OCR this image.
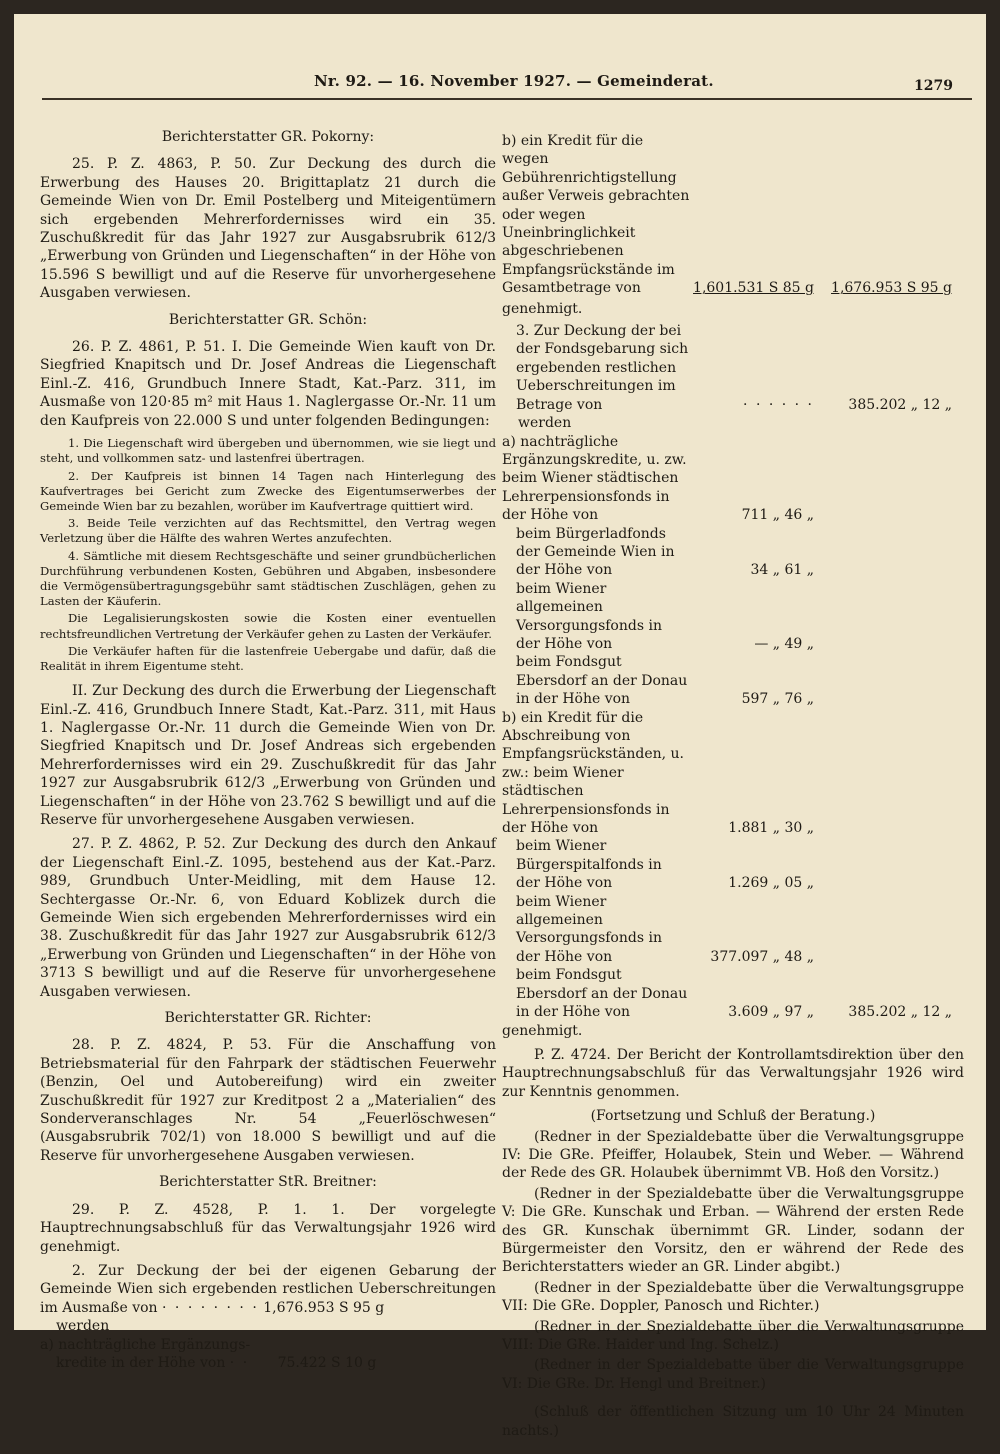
Nr. 92. — 16. November 1927. — Gemeinderat.	1279
Berichterstatter GR. Pokorny:

25. P. Z. 4863, P. 50. Zur Deckung des durch die Erwerbung des Hauses 20. Brigittaplatz 21 durch die Gemeinde Wien von Dr. Emil Postelberg und Miteigentümern sich ergebenden Mehrerfordernisses wird ein 35. Zuschußkredit für das Jahr 1927 zur Ausgabsrubrik 612/3 „Erwerbung von Gründen und Liegenschaften“ in der Höhe von 15.596 S bewilligt und auf die Reserve für unvorhergesehene Ausgaben verwiesen.

Berichterstatter GR. Schön:

26. P. Z. 4861, P. 51. I. Die Gemeinde Wien kauft von Dr. Siegfried Knapitsch und Dr. Josef Andreas die Liegenschaft Einl.-Z. 416, Grundbuch Innere Stadt, Kat.-Parz. 311, im Ausmaße von 120·85 m² mit Haus 1. Naglergasse Or.-Nr. 11 um den Kaufpreis von 22.000 S und unter folgenden Bedingungen:

1. Die Liegenschaft wird übergeben und übernommen, wie sie liegt und steht, und vollkommen satz- und lastenfrei übertragen.

2. Der Kaufpreis ist binnen 14 Tagen nach Hinterlegung des Kaufvertrages bei Gericht zum Zwecke des Eigentumserwerbes der Gemeinde Wien bar zu bezahlen, worüber im Kaufvertrage quittiert wird.

3. Beide Teile verzichten auf das Rechtsmittel, den Vertrag wegen Verletzung über die Hälfte des wahren Wertes anzufechten.

4. Sämtliche mit diesem Rechtsgeschäfte und seiner grundbücherlichen Durchführung verbundenen Kosten, Gebühren und Abgaben, insbesondere die Vermögensübertragungsgebühr samt städtischen Zuschlägen, gehen zu Lasten der Käuferin.

Die Legalisierungskosten sowie die Kosten einer eventuellen rechtsfreundlichen Vertretung der Verkäufer gehen zu Lasten der Verkäufer.

Die Verkäufer haften für die lastenfreie Uebergabe und dafür, daß die Realität in ihrem Eigentume steht.

II. Zur Deckung des durch die Erwerbung der Liegenschaft Einl.-Z. 416, Grundbuch Innere Stadt, Kat.-Parz. 311, mit Haus 1. Naglergasse Or.-Nr. 11 durch die Gemeinde Wien von Dr. Siegfried Knapitsch und Dr. Josef Andreas sich ergebenden Mehrerfordernisses wird ein 29. Zuschußkredit für das Jahr 1927 zur Ausgabsrubrik 612/3 „Erwerbung von Gründen und Liegenschaften“ in der Höhe von 23.762 S bewilligt und auf die Reserve für unvorhergesehene Ausgaben verwiesen.

27. P. Z. 4862, P. 52. Zur Deckung des durch den Ankauf der Liegenschaft Einl.-Z. 1095, bestehend aus der Kat.-Parz. 989, Grundbuch Unter-Meidling, mit dem Hause 12. Sechtergasse Or.-Nr. 6, von Eduard Koblizek durch die Gemeinde Wien sich ergebenden Mehrerfordernisses wird ein 38. Zuschußkredit für das Jahr 1927 zur Ausgabsrubrik 612/3 „Erwerbung von Gründen und Liegenschaften“ in der Höhe von 3713 S bewilligt und auf die Reserve für unvorhergesehene Ausgaben verwiesen.

Berichterstatter GR. Richter:

28. P. Z. 4824, P. 53. Für die Anschaffung von Betriebsmaterial für den Fahrpark der städtischen Feuerwehr (Benzin, Oel und Autobereifung) wird ein zweiter Zuschußkredit für 1927 zur Kreditpost 2 a „Materialien“ des Sonderveranschlages Nr. 54 „Feuerlöschwesen“ (Ausgabsrubrik 702/1) von 18.000 S bewilligt und auf die Reserve für unvorhergesehene Ausgaben verwiesen.

Berichterstatter StR. Breitner:

29. P. Z. 4528, P. 1. 1. Der vorgelegte Hauptrechnungsabschluß für das Verwaltungsjahr 1926 wird genehmigt.

2. Zur Deckung der bei der eigenen Gebarung der Gemeinde Wien sich ergebenden restlichen Ueberschreitungen im Ausmaße von · · · · · · · · 1,676.953 S 95 g

werden
a) nachträgliche Ergänzungs-
kredite in der Höhe von · · 75.422 S 10 g
b) ein Kredit für die wegen Gebührenrichtigstellung außer Verweis gebrachten oder wegen Uneinbringlichkeit abgeschriebenen Empfangsrückstände im Gesamtbetrage von	1,601.531 S 85 g	1,676.953 S 95 g
genehmigt.
3. Zur Deckung der bei der Fondsgebarung sich ergebenden restlichen Ueberschreitungen im Betrage von	· · · · · ·	385.202 „ 12 „
werden
a) nachträgliche Ergänzungskredite, u. zw. beim Wiener städtischen Lehrerpensionsfonds in der Höhe von	711 „ 46 „
beim Bürgerladfonds der Gemeinde Wien in der Höhe von	34 „ 61 „
beim Wiener allgemeinen Versorgungsfonds in der Höhe von	— „ 49 „
beim Fondsgut Ebersdorf an der Donau in der Höhe von	597 „ 76 „
b) ein Kredit für die Abschreibung von Empfangsrückständen, u. zw.: beim Wiener städtischen Lehrerpensionsfonds in der Höhe von	1.881 „ 30 „
beim Wiener Bürgerspitalfonds in der Höhe von	1.269 „ 05 „
beim Wiener allgemeinen Versorgungsfonds in der Höhe von	377.097 „ 48 „
beim Fondsgut Ebersdorf an der Donau in der Höhe von	3.609 „ 97 „	385.202 „ 12 „
genehmigt.

P. Z. 4724. Der Bericht der Kontrollamtsdirektion über den Hauptrechnungsabschluß für das Verwaltungsjahr 1926 wird zur Kenntnis genommen.

(Fortsetzung und Schluß der Beratung.)

(Redner in der Spezialdebatte über die Verwaltungsgruppe IV: Die GRe. Pfeiffer, Holaubek, Stein und Weber. — Während der Rede des GR. Holaubek übernimmt VB. Hoß den Vorsitz.)

(Redner in der Spezialdebatte über die Verwaltungsgruppe V: Die GRe. Kunschak und Erban. — Während der ersten Rede des GR. Kunschak übernimmt GR. Linder, sodann der Bürgermeister den Vorsitz, den er während der Rede des Berichterstatters wieder an GR. Linder abgibt.)

(Redner in der Spezialdebatte über die Verwaltungsgruppe VII: Die GRe. Doppler, Panosch und Richter.)

(Redner in der Spezialdebatte über die Verwaltungsgruppe VIII: Die GRe. Haider und Ing. Schelz.)

(Redner in der Spezialdebatte über die Verwaltungsgruppe VI: Die GRe. Dr. Hengl und Breitner.)

(Schluß der öffentlichen Sitzung um 10 Uhr 24 Minuten nachts.)
